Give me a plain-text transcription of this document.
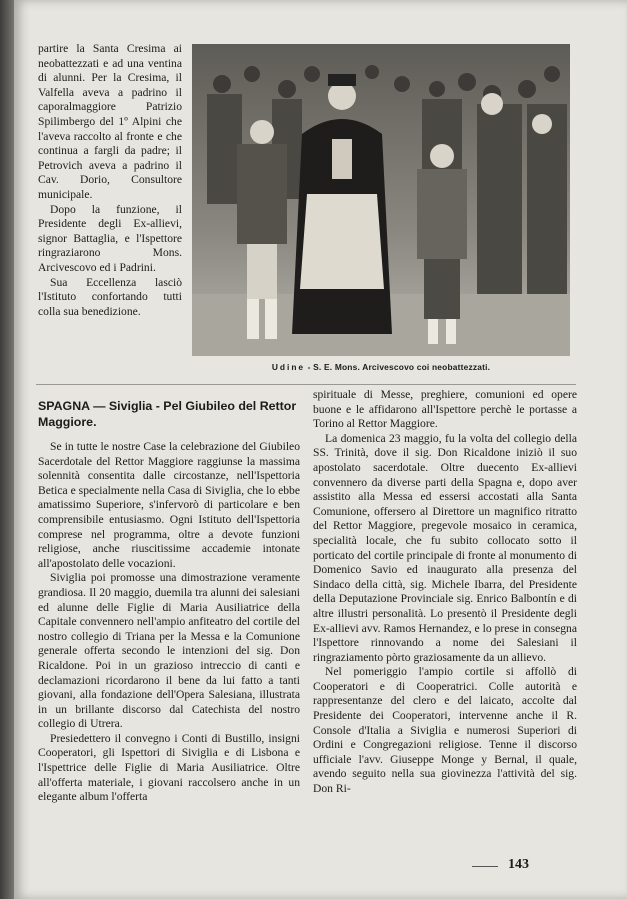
partire la Santa Cresima ai neobattezzati e ad una ventina di alunni. Per la Cresima, il Valfella aveva a padrino il caporalmaggiore Patrizio Spilimbergo del 1º Alpini che l'aveva raccolto al fronte e che continua a fargli da padre; il Petrovich aveva a padrino il Cav. Dorio, Consultore municipale.

Dopo la funzione, il Presidente degli Ex-allievi, signor Battaglia, e l'Ispettore ringraziarono Mons. Arcivescovo ed i Padrini.

Sua Eccellenza lasciò l'Istituto confortando tutti colla sua benedizione.

Udine - S. E. Mons. Arcivescovo coi neobattezzati.
SPAGNA — Siviglia - Pel Giubileo del Rettor Maggiore.

Se in tutte le nostre Case la celebrazione del Giubileo Sacerdotale del Rettor Maggiore raggiunse la massima solennità consentita dalle circostanze, nell'Ispettoria Betica e specialmente nella Casa di Siviglia, che lo ebbe amatissimo Superiore, s'infervorò di particolare e ben comprensibile entusiasmo. Ogni Istituto dell'Ispettoria comprese nel programma, oltre a devote funzioni religiose, anche riuscitissime accademie intonate all'apostolato delle vocazioni.

Siviglia poi promosse una dimostrazione veramente grandiosa. Il 20 maggio, duemila tra alunni dei salesiani ed alunne delle Figlie di Maria Ausiliatrice della Capitale convennero nell'ampio anfiteatro del cortile del nostro collegio di Triana per la Messa e la Comunione generale offerta secondo le intenzioni del sig. Don Ricaldone. Poi in un grazioso intreccio di canti e declamazioni ricordarono il bene da lui fatto a tanti giovani, alla fondazione dell'Opera Salesiana, illustrata in un brillante discorso dal Catechista del nostro collegio di Utrera.

Presiedettero il convegno i Conti di Bustillo, insigni Cooperatori, gli Ispettori di Siviglia e di Lisbona e l'Ispettrice delle Figlie di Maria Ausiliatrice. Oltre all'offerta materiale, i giovani raccolsero anche in un elegante album l'offerta

spirituale di Messe, preghiere, comunioni ed opere buone e le affidarono all'Ispettore perchè le portasse a Torino al Rettor Maggiore.

La domenica 23 maggio, fu la volta del collegio della SS. Trinità, dove il sig. Don Ricaldone iniziò il suo apostolato sacerdotale. Oltre duecento Ex-allievi convennero da diverse parti della Spagna e, dopo aver assistito alla Messa ed essersi accostati alla Santa Comunione, offersero al Direttore un magnifico ritratto del Rettor Maggiore, pregevole mosaico in ceramica, specialità locale, che fu subito collocato sotto il porticato del cortile principale di fronte al monumento di Domenico Savio ed inaugurato alla presenza del Sindaco della città, sig. Michele Ibarra, del Presidente della Deputazione Provinciale sig. Enrico Balbontín e di altre illustri personalità. Lo presentò il Presidente degli Ex-allievi avv. Ramos Hernandez, e lo prese in consegna l'Ispettore rinnovando a nome dei Salesiani il ringraziamento pòrto graziosamente da un allievo.

Nel pomeriggio l'ampio cortile si affollò di Cooperatori e di Cooperatrici. Colle autorità e rappresentanze del clero e del laicato, accolte dal Presidente dei Cooperatori, intervenne anche il R. Console d'Italia a Siviglia e numerosi Superiori di Ordini e Congregazioni religiose. Tenne il discorso ufficiale l'avv. Giuseppe Monge y Bernal, il quale, avendo seguito nella sua giovinezza l'attività del sig. Don Ri-

143
